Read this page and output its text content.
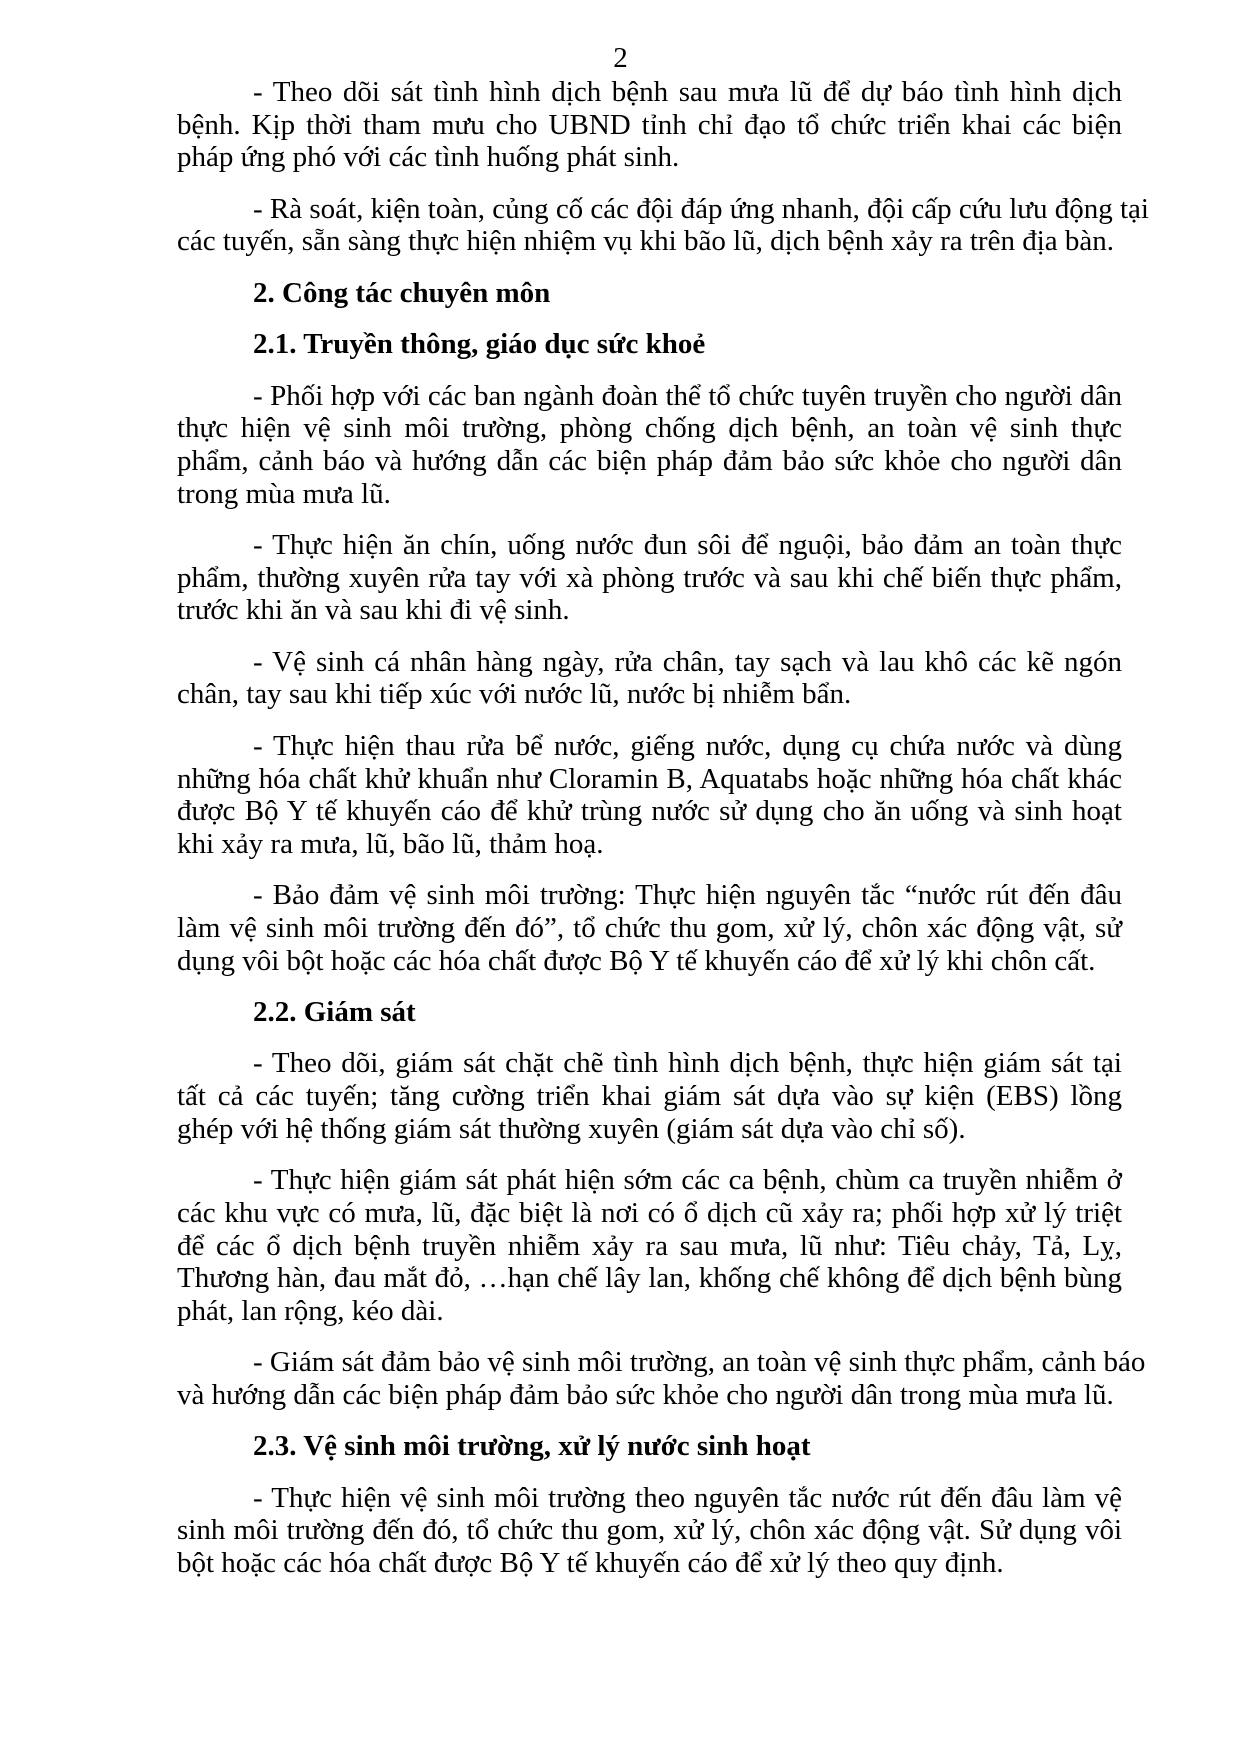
2
- Theo dõi sát tình hình dịch bệnh sau mưa lũ để dự báo tình hình dịch
bệnh. Kịp thời tham mưu cho UBND tỉnh chỉ đạo tổ chức triển khai các biện
pháp ứng phó với các tình huống phát sinh.
- Rà soát, kiện toàn, củng cố các đội đáp ứng nhanh, đội cấp cứu lưu động tại
các tuyến, sẵn sàng thực hiện nhiệm vụ khi bão lũ, dịch bệnh xảy ra trên địa bàn.
2. Công tác chuyên môn
2.1. Truyền thông, giáo dục sức khoẻ
- Phối hợp với các ban ngành đoàn thể tổ chức tuyên truyền cho người dân
thực hiện vệ sinh môi trường, phòng chống dịch bệnh, an toàn vệ sinh thực
phẩm, cảnh báo và hướng dẫn các biện pháp đảm bảo sức khỏe cho người dân
trong mùa mưa lũ.
- Thực hiện ăn chín, uống nước đun sôi để nguội, bảo đảm an toàn thực
phẩm, thường xuyên rửa tay với xà phòng trước và sau khi chế biến thực phẩm,
trước khi ăn và sau khi đi vệ sinh.
- Vệ sinh cá nhân hàng ngày, rửa chân, tay sạch và lau khô các kẽ ngón
chân, tay sau khi tiếp xúc với nước lũ, nước bị nhiễm bẩn.
- Thực hiện thau rửa bể nước, giếng nước, dụng cụ chứa nước và dùng
những hóa chất khử khuẩn như Cloramin B, Aquatabs hoặc những hóa chất khác
được Bộ Y tế khuyến cáo để khử trùng nước sử dụng cho ăn uống và sinh hoạt
khi xảy ra mưa, lũ, bão lũ, thảm hoạ.
- Bảo đảm vệ sinh môi trường: Thực hiện nguyên tắc “nước rút đến đâu
làm vệ sinh môi trường đến đó”, tổ chức thu gom, xử lý, chôn xác động vật, sử
dụng vôi bột hoặc các hóa chất được Bộ Y tế khuyến cáo để xử lý khi chôn cất.
2.2. Giám sát
- Theo dõi, giám sát chặt chẽ tình hình dịch bệnh, thực hiện giám sát tại
tất cả các tuyến; tăng cường triển khai giám sát dựa vào sự kiện (EBS) lồng
ghép với hệ thống giám sát thường xuyên (giám sát dựa vào chỉ số).
- Thực hiện giám sát phát hiện sớm các ca bệnh, chùm ca truyền nhiễm ở
các khu vực có mưa, lũ, đặc biệt là nơi có ổ dịch cũ xảy ra; phối hợp xử lý triệt
để các ổ dịch bệnh truyền nhiễm xảy ra sau mưa, lũ như: Tiêu chảy, Tả, Lỵ,
Thương hàn, đau mắt đỏ, …hạn chế lây lan, khống chế không để dịch bệnh bùng
phát, lan rộng, kéo dài.
- Giám sát đảm bảo vệ sinh môi trường, an toàn vệ sinh thực phẩm, cảnh báo
và hướng dẫn các biện pháp đảm bảo sức khỏe cho người dân trong mùa mưa lũ.
2.3. Vệ sinh môi trường, xử lý nước sinh hoạt
- Thực hiện vệ sinh môi trường theo nguyên tắc nước rút đến đâu làm vệ
sinh môi trường đến đó, tổ chức thu gom, xử lý, chôn xác động vật. Sử dụng vôi
bột hoặc các hóa chất được Bộ Y tế khuyến cáo để xử lý theo quy định.
